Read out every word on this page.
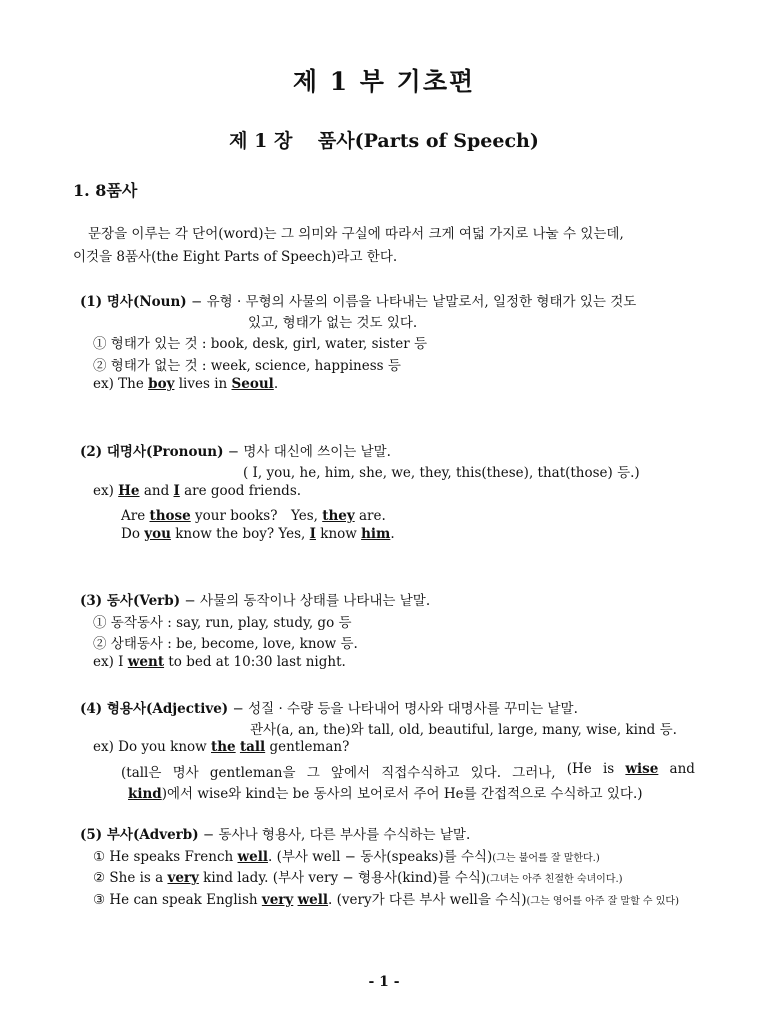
제 1 부 기초편
제 1 장　 품사(Parts of Speech)
1. 8품사
문장을 이루는 각 단어(word)는 그 의미와 구실에 따라서 크게 여덟 가지로 나눌 수 있는데,
이것을 8품사(the Eight Parts of Speech)라고 한다.
(1) 명사(Noun) − 유형 · 무형의 사물의 이름을 나타내는 낱말로서, 일정한 형태가 있는 것도
있고, 형태가 없는 것도 있다.
① 형태가 있는 것 : book, desk, girl, water, sister 등
② 형태가 없는 것 : week, science, happiness 등
ex) The boy lives in Seoul.
(2) 대명사(Pronoun) − 명사 대신에 쓰이는 낱말.
( I, you, he, him, she, we, they, this(these), that(those) 등.)
ex) He and I are good friends.
Are those your books?　Yes, they are.
Do you know the boy? Yes, I know him.
(3) 동사(Verb) − 사물의 동작이나 상태를 나타내는 낱말.
① 동작동사 : say, run, play, study, go 등
② 상태동사 : be, become, love, know 등.
ex) I went to bed at 10:30 last night.
(4) 형용사(Adjective) − 성질 · 수량 등을 나타내어 명사와 대명사를 꾸미는 낱말.
관사(a, an, the)와 tall, old, beautiful, large, many, wise, kind 등.
ex) Do you know the tall gentleman?
(tall은 명사 gentleman을 그 앞에서 직접수식하고 있다. 그러나, (He is wise and
kind)에서 wise와 kind는 be 동사의 보어로서 주어 He를 간접적으로 수식하고 있다.)
(5) 부사(Adverb) − 동사나 형용사, 다른 부사를 수식하는 낱말.
① He speaks French well. (부사 well − 동사(speaks)를 수식)(그는 불어를 잘 말한다.)
② She is a very kind lady. (부사 very − 형용사(kind)를 수식)(그녀는 아주 친절한 숙녀이다.)
③ He can speak English very well. (very가 다른 부사 well을 수식)(그는 영어를 아주 잘 말할 수 있다)
- 1 -
